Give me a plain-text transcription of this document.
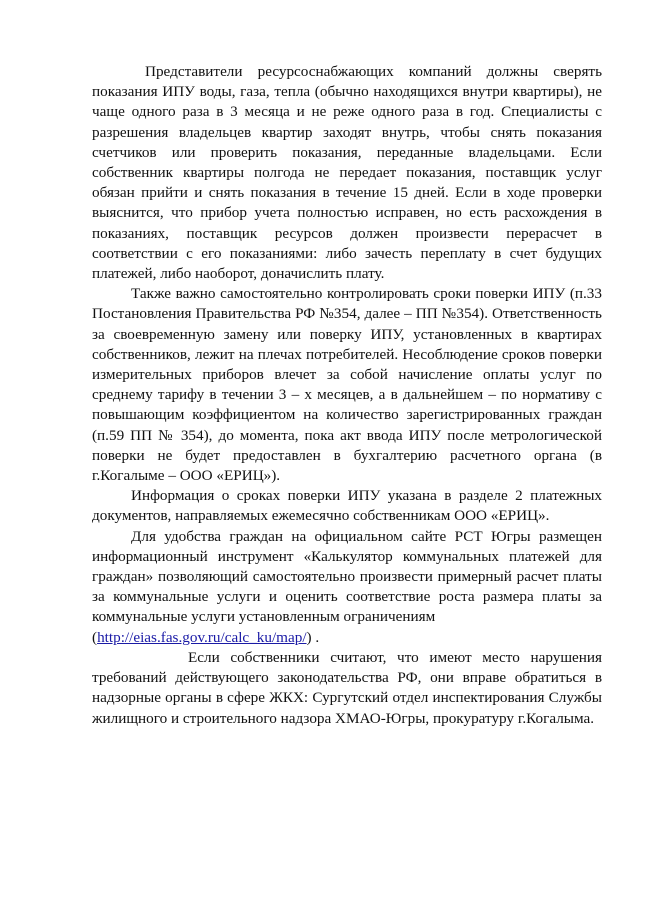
Представители ресурсоснабжающих компаний должны сверять показания ИПУ воды, газа, тепла (обычно находящихся внутри квартиры), не чаще одного раза в 3 месяца и не реже одного раза в год. Специалисты с разрешения владельцев квартир заходят внутрь, чтобы снять показания счетчиков или проверить показания, переданные владельцами. Если собственник квартиры полгода не передает показания, поставщик услуг обязан прийти и снять показания в течение 15 дней. Если в ходе проверки выяснится, что прибор учета полностью исправен, но есть расхождения в показаниях, поставщик ресурсов должен произвести перерасчет в соответствии с его показаниями: либо зачесть переплату в счет будущих платежей, либо наоборот, доначислить плату.

Также важно самостоятельно контролировать сроки поверки ИПУ (п.33 Постановления Правительства РФ №354, далее – ПП №354). Ответственность за своевременную замену или поверку ИПУ, установленных в квартирах собственников, лежит на плечах потребителей. Несоблюдение сроков поверки измерительных приборов влечет за собой начисление оплаты услуг по среднему тарифу в течении 3 – х месяцев, а в дальнейшем – по нормативу с повышающим коэффициентом на количество зарегистрированных граждан (п.59 ПП № 354), до момента, пока акт ввода ИПУ после метрологической поверки не будет предоставлен в бухгалтерию расчетного органа (в г.Когалыме – ООО «ЕРИЦ»).

Информация о сроках поверки ИПУ указана в разделе 2 платежных документов, направляемых ежемесячно собственникам ООО «ЕРИЦ».

Для удобства граждан на официальном сайте РСТ Югры размещен информационный инструмент «Калькулятор коммунальных платежей для граждан» позволяющий самостоятельно произвести примерный расчет платы за коммунальные услуги и оценить соответствие роста размера платы за коммунальные услуги установленным ограничениям
(http://eias.fas.gov.ru/calc_ku/map/) .

Если собственники считают, что имеют место нарушения требований действующего законодательства РФ, они вправе обратиться в надзорные органы в сфере ЖКХ: Сургутский отдел инспектирования Службы жилищного и строительного надзора ХМАО-Югры, прокуратуру г.Когалыма.
